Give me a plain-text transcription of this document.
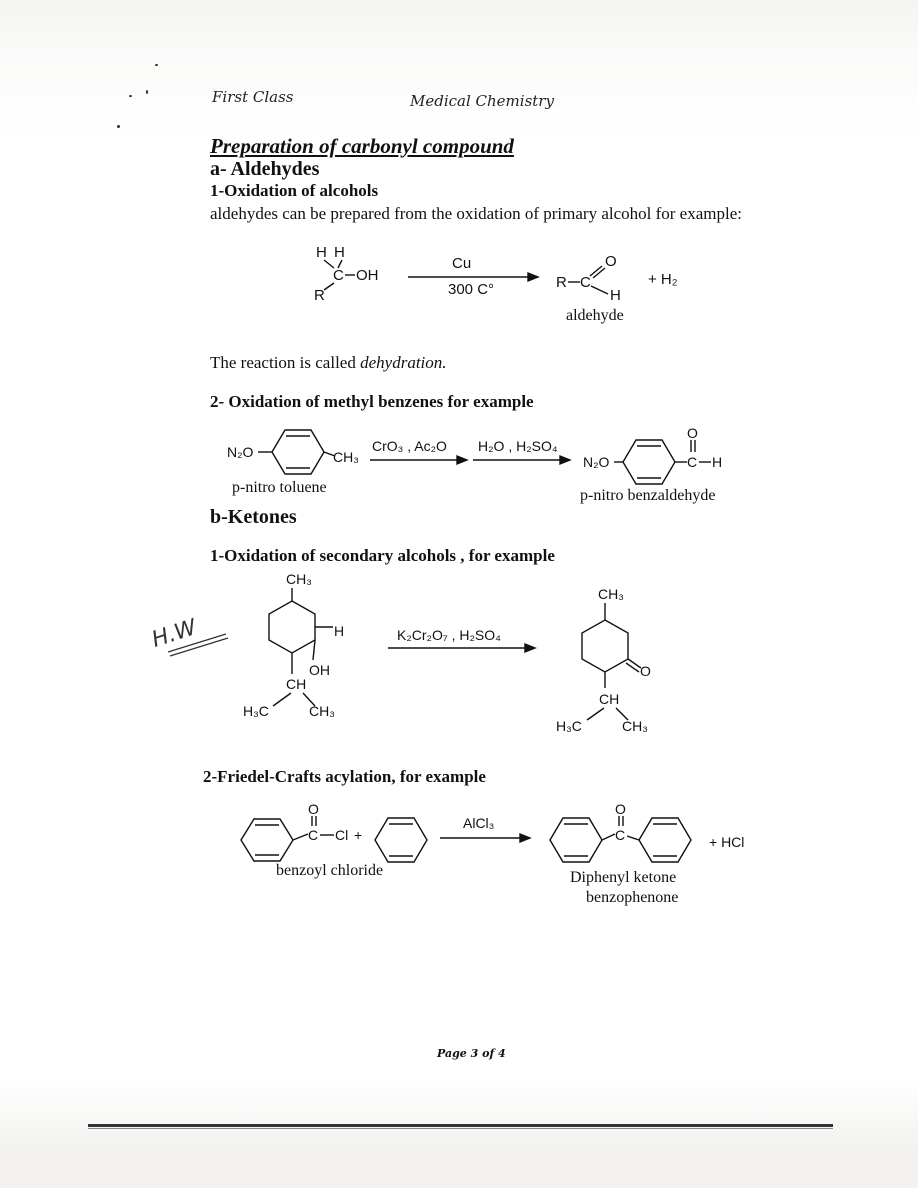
First Class	Medical Chemistry
Preparation of carbonyl compound
a- Aldehydes
1-Oxidation of alcohols
aldehydes can be prepared from the oxidation of primary alcohol for example:
H H
C OH
R
Cu
300 C°	R C
O
H
+ H₂
aldehyde
The reaction is called dehydration.
2- Oxidation of methyl benzenes for example
N₂O	CH₃
CrO₃ , Ac₂O H₂O , H₂SO₄
N₂O	C
O
H
p-nitro toluene	p-nitro benzaldehyde
b-Ketones
1-Oxidation of secondary alcohols , for example
CH₃
H
OH
CH
H₃C	CH₃
K₂Cr₂O₇ , H₂SO₄
CH₃
O
CH
H₃C	CH₃
H.W
2-Friedel-Crafts acylation, for example
C
O
Cl +
AlCl₃
C
O
+ HCl
benzoyl chloride	Diphenyl ketone
benzophenone
Page 3 of 4
